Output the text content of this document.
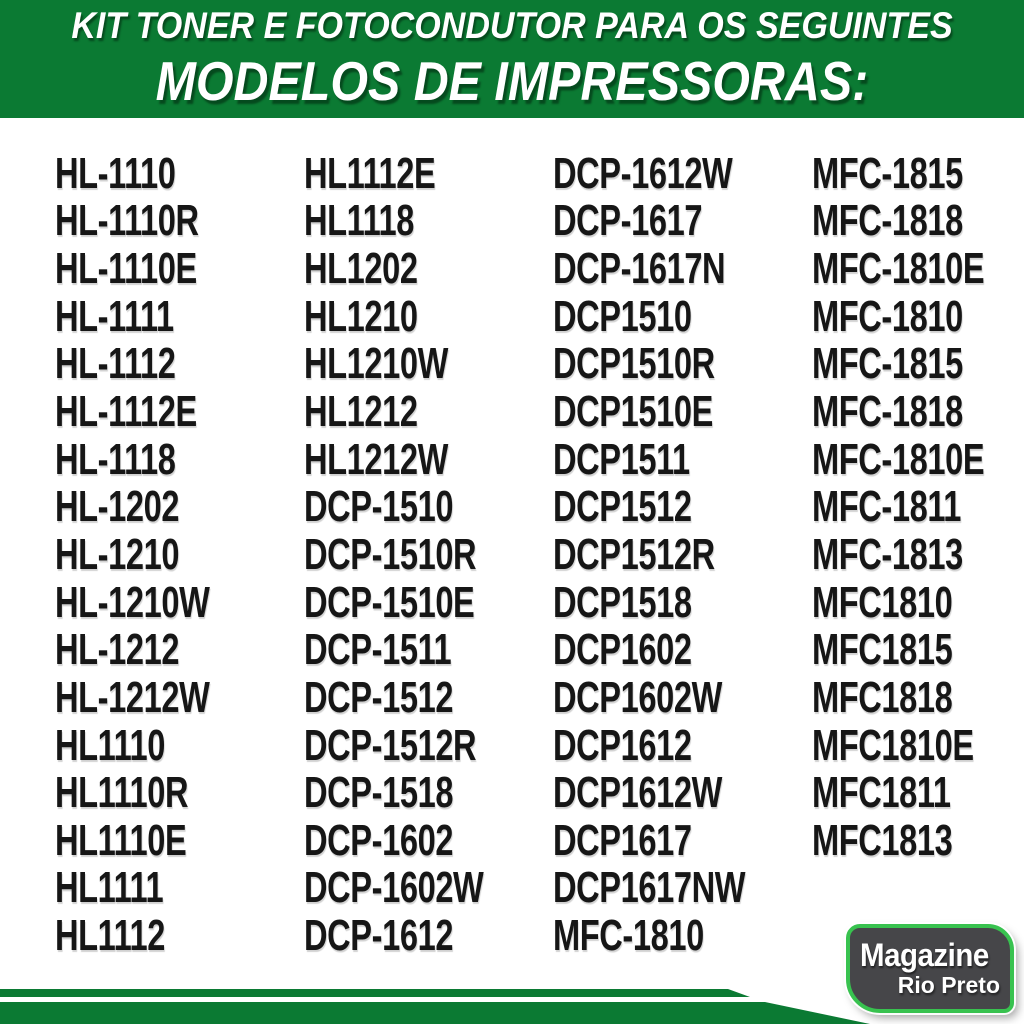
KIT TONER E FOTOCONDUTOR PARA OS SEGUINTES
MODELOS DE IMPRESSORAS:
HL-1110
HL-1110R
HL-1110E
HL-1111
HL-1112
HL-1112E
HL-1118
HL-1202
HL-1210
HL-1210W
HL-1212
HL-1212W
HL1110
HL1110R
HL1110E
HL1111
HL1112
HL1112E
HL1118
HL1202
HL1210
HL1210W
HL1212
HL1212W
DCP-1510
DCP-1510R
DCP-1510E
DCP-1511
DCP-1512
DCP-1512R
DCP-1518
DCP-1602
DCP-1602W
DCP-1612
DCP-1612W
DCP-1617
DCP-1617N
DCP1510
DCP1510R
DCP1510E
DCP1511
DCP1512
DCP1512R
DCP1518
DCP1602
DCP1602W
DCP1612
DCP1612W
DCP1617
DCP1617NW
MFC-1810
MFC-1815
MFC-1818
MFC-1810E
MFC-1810
MFC-1815
MFC-1818
MFC-1810E
MFC-1811
MFC-1813
MFC1810
MFC1815
MFC1818
MFC1810E
MFC1811
MFC1813
Magazine
Rio Preto
